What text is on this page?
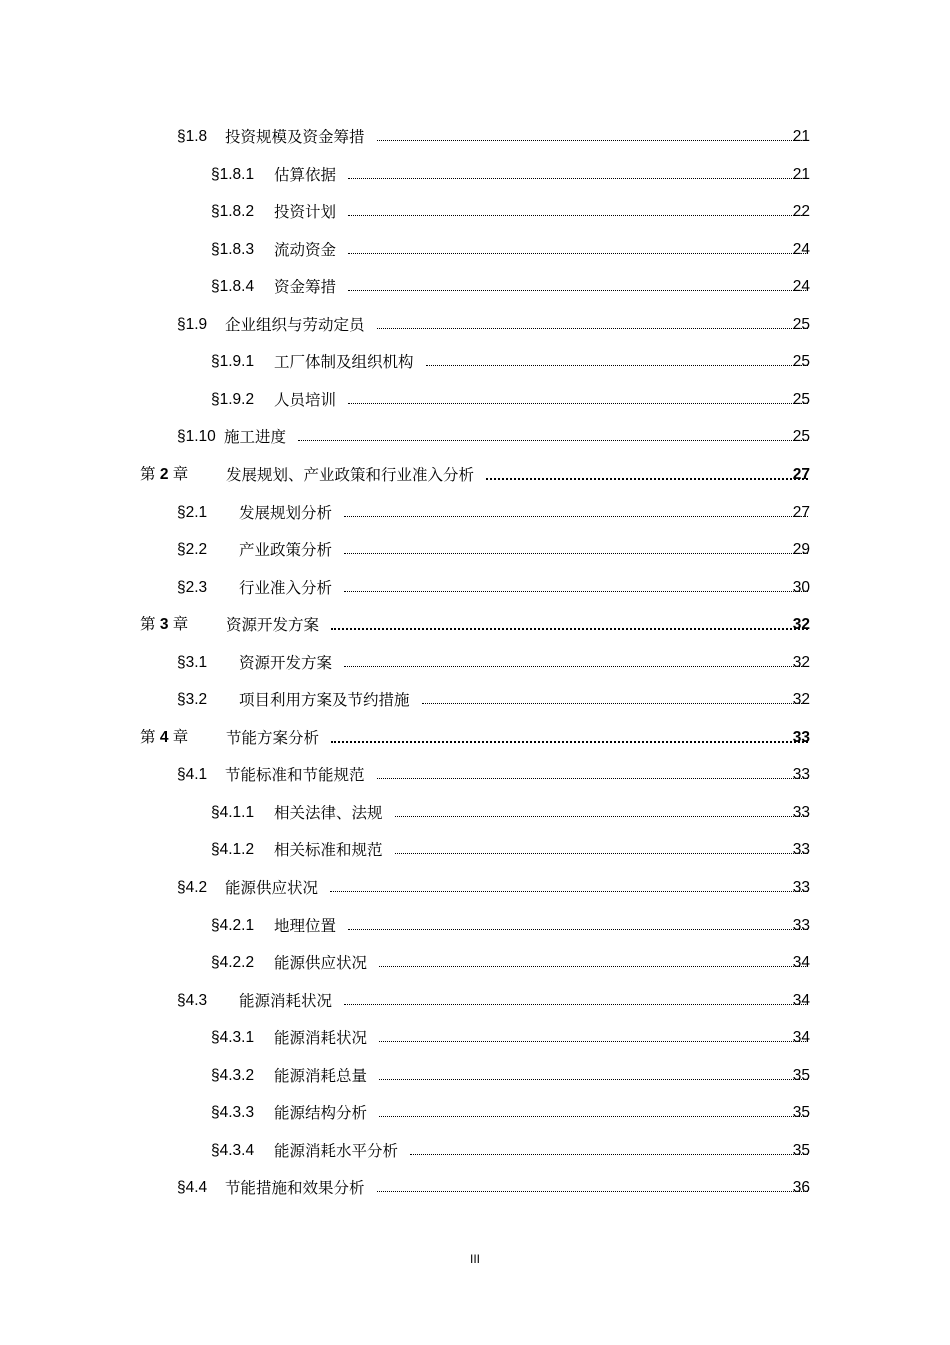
§1.8 投资规模及资金筹措	21
§1.8.1 估算依据	21
§1.8.2 投资计划	22
§1.8.3 流动资金	24
§1.8.4 资金筹措	24
§1.9 企业组织与劳动定员	25
§1.9.1 工厂体制及组织机构	25
§1.9.2 人员培训	25
§1.10 施工进度	25
第 2 章 发展规划、产业政策和行业准入分析	27
§2.1 发展规划分析	27
§2.2 产业政策分析	29
§2.3 行业准入分析	30
第 3 章 资源开发方案	32
§3.1 资源开发方案	32
§3.2 项目利用方案及节约措施	32
第 4 章 节能方案分析	33
§4.1 节能标准和节能规范	33
§4.1.1 相关法律、法规	33
§4.1.2 相关标准和规范	33
§4.2 能源供应状况	33
§4.2.1 地理位置	33
§4.2.2 能源供应状况	34
§4.3 能源消耗状况	34
§4.3.1 能源消耗状况	34
§4.3.2 能源消耗总量	35
§4.3.3 能源结构分析	35
§4.3.4 能源消耗水平分析	35
§4.4 节能措施和效果分析	36
III
